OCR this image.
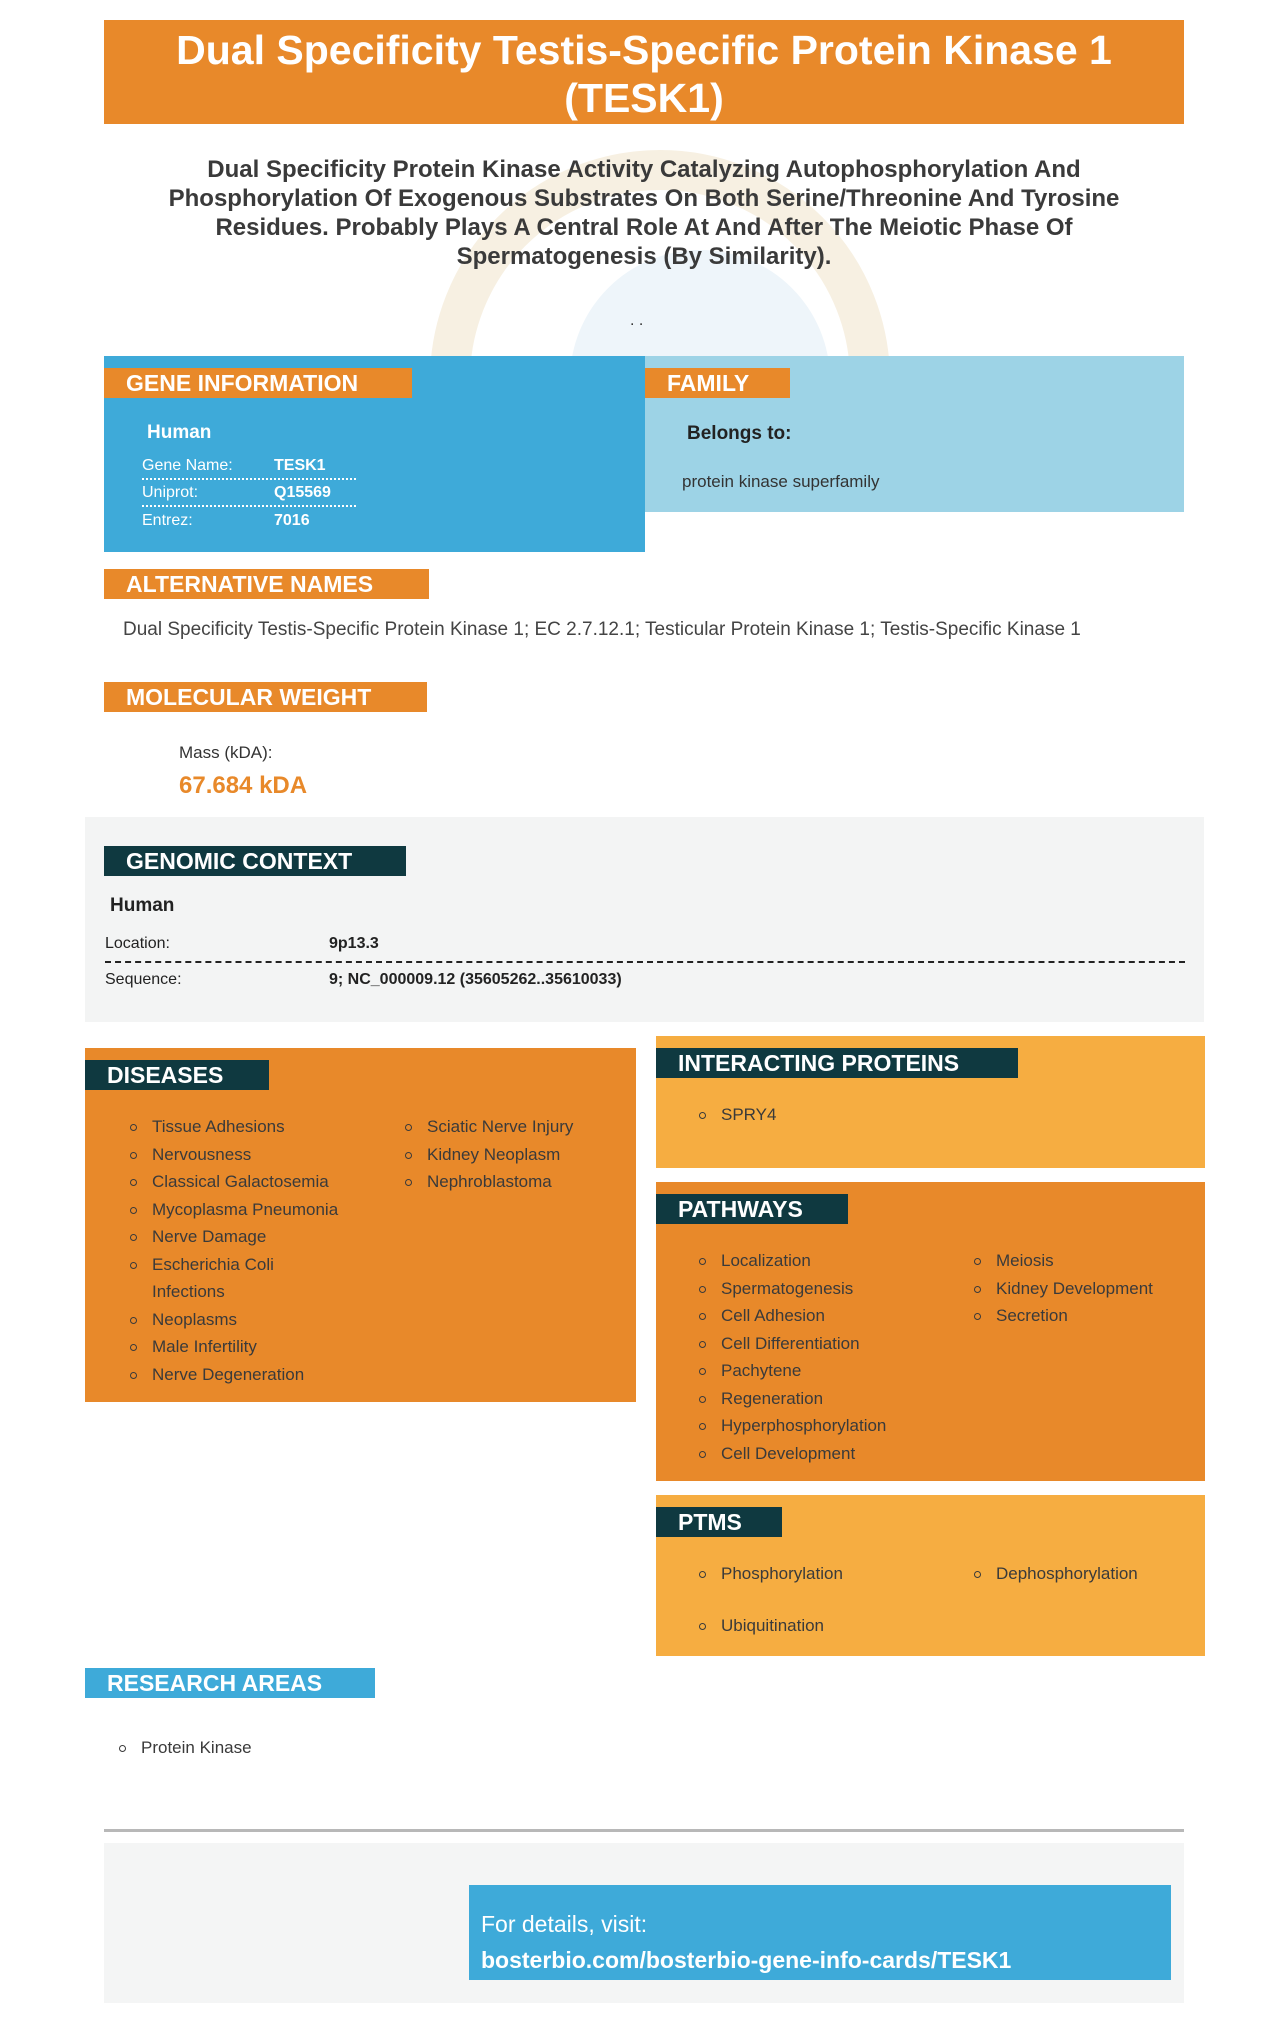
Dual Specificity Testis-Specific Protein Kinase 1 (TESK1)
Dual Specificity Protein Kinase Activity Catalyzing Autophosphorylation And Phosphorylation Of Exogenous Substrates On Both Serine/Threonine And Tyrosine Residues. Probably Plays A Central Role At And After The Meiotic Phase Of Spermatogenesis (By Similarity).
. .
GENE INFORMATION
Human
Gene Name:	TESK1
Uniprot:	Q15569
Entrez:	7016
FAMILY
Belongs to:
protein kinase superfamily
ALTERNATIVE NAMES
Dual Specificity Testis-Specific Protein Kinase 1; EC 2.7.12.1; Testicular Protein Kinase 1; Testis-Specific Kinase 1
MOLECULAR WEIGHT
Mass (kDA):
67.684 kDA
GENOMIC CONTEXT
Human
Location:	9p13.3
Sequence:	9; NC_000009.12 (35605262..35610033)
DISEASES
Tissue Adhesions
Nervousness
Classical Galactosemia
Mycoplasma Pneumonia
Nerve Damage
Escherichia Coli Infections
Neoplasms
Male Infertility
Nerve Degeneration
Sciatic Nerve Injury
Kidney Neoplasm
Nephroblastoma
INTERACTING PROTEINS
SPRY4
PATHWAYS
Localization
Spermatogenesis
Cell Adhesion
Cell Differentiation
Pachytene
Regeneration
Hyperphosphorylation
Cell Development
Meiosis
Kidney Development
Secretion
PTMS
Phosphorylation
Ubiquitination
Dephosphorylation
RESEARCH AREAS
Protein Kinase
For details, visit:
bosterbio.com/bosterbio-gene-info-cards/TESK1
